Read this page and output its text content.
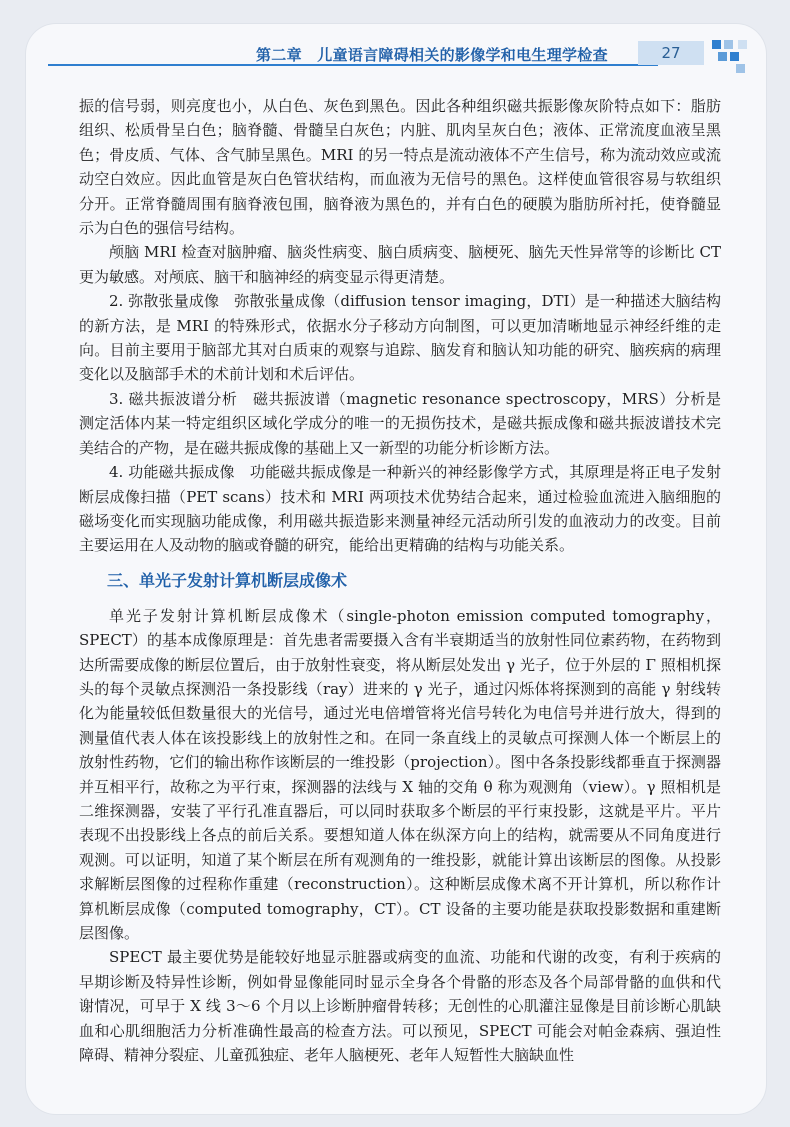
第二章　儿童语言障碍相关的影像学和电生理学检查	27

振的信号弱，则亮度也小，从白色、灰色到黑色。因此各种组织磁共振影像灰阶特点如下：脂肪组织、松质骨呈白色；脑脊髓、骨髓呈白灰色；内脏、肌肉呈灰白色；液体、正常流度血液呈黑色；骨皮质、气体、含气肺呈黑色。MRI 的另一特点是流动液体不产生信号，称为流动效应或流动空白效应。因此血管是灰白色管状结构，而血液为无信号的黑色。这样使血管很容易与软组织分开。正常脊髓周围有脑脊液包围，脑脊液为黑色的，并有白色的硬膜为脂肪所衬托，使脊髓显示为白色的强信号结构。

颅脑 MRI 检查对脑肿瘤、脑炎性病变、脑白质病变、脑梗死、脑先天性异常等的诊断比 CT 更为敏感。对颅底、脑干和脑神经的病变显示得更清楚。

2. 弥散张量成像　弥散张量成像（diffusion tensor imaging，DTI）是一种描述大脑结构的新方法，是 MRI 的特殊形式，依据水分子移动方向制图，可以更加清晰地显示神经纤维的走向。目前主要用于脑部尤其对白质束的观察与追踪、脑发育和脑认知功能的研究、脑疾病的病理变化以及脑部手术的术前计划和术后评估。

3. 磁共振波谱分析　磁共振波谱（magnetic resonance spectroscopy，MRS）分析是测定活体内某一特定组织区域化学成分的唯一的无损伤技术，是磁共振成像和磁共振波谱技术完美结合的产物，是在磁共振成像的基础上又一新型的功能分析诊断方法。

4. 功能磁共振成像　功能磁共振成像是一种新兴的神经影像学方式，其原理是将正电子发射断层成像扫描（PET scans）技术和 MRI 两项技术优势结合起来，通过检验血流进入脑细胞的磁场变化而实现脑功能成像，利用磁共振造影来测量神经元活动所引发的血液动力的改变。目前主要运用在人及动物的脑或脊髓的研究，能给出更精确的结构与功能关系。

三、单光子发射计算机断层成像术

单光子发射计算机断层成像术（single-photon emission computed tomography，SPECT）的基本成像原理是：首先患者需要摄入含有半衰期适当的放射性同位素药物，在药物到达所需要成像的断层位置后，由于放射性衰变，将从断层处发出 γ 光子，位于外层的 Γ 照相机探头的每个灵敏点探测沿一条投影线（ray）进来的 γ 光子，通过闪烁体将探测到的高能 γ 射线转化为能量较低但数量很大的光信号，通过光电倍增管将光信号转化为电信号并进行放大，得到的测量值代表人体在该投影线上的放射性之和。在同一条直线上的灵敏点可探测人体一个断层上的放射性药物，它们的输出称作该断层的一维投影（projection）。图中各条投影线都垂直于探测器并互相平行，故称之为平行束，探测器的法线与 X 轴的交角 θ 称为观测角（view）。γ 照相机是二维探测器，安装了平行孔准直器后，可以同时获取多个断层的平行束投影，这就是平片。平片表现不出投影线上各点的前后关系。要想知道人体在纵深方向上的结构，就需要从不同角度进行观测。可以证明，知道了某个断层在所有观测角的一维投影，就能计算出该断层的图像。从投影求解断层图像的过程称作重建（reconstruction）。这种断层成像术离不开计算机，所以称作计算机断层成像（computed tomography，CT）。CT 设备的主要功能是获取投影数据和重建断层图像。

SPECT 最主要优势是能较好地显示脏器或病变的血流、功能和代谢的改变，有利于疾病的早期诊断及特异性诊断，例如骨显像能同时显示全身各个骨骼的形态及各个局部骨骼的血供和代谢情况，可早于 X 线 3～6 个月以上诊断肿瘤骨转移；无创性的心肌灌注显像是目前诊断心肌缺血和心肌细胞活力分析准确性最高的检查方法。可以预见，SPECT 可能会对帕金森病、强迫性障碍、精神分裂症、儿童孤独症、老年人脑梗死、老年人短暂性大脑缺血性
